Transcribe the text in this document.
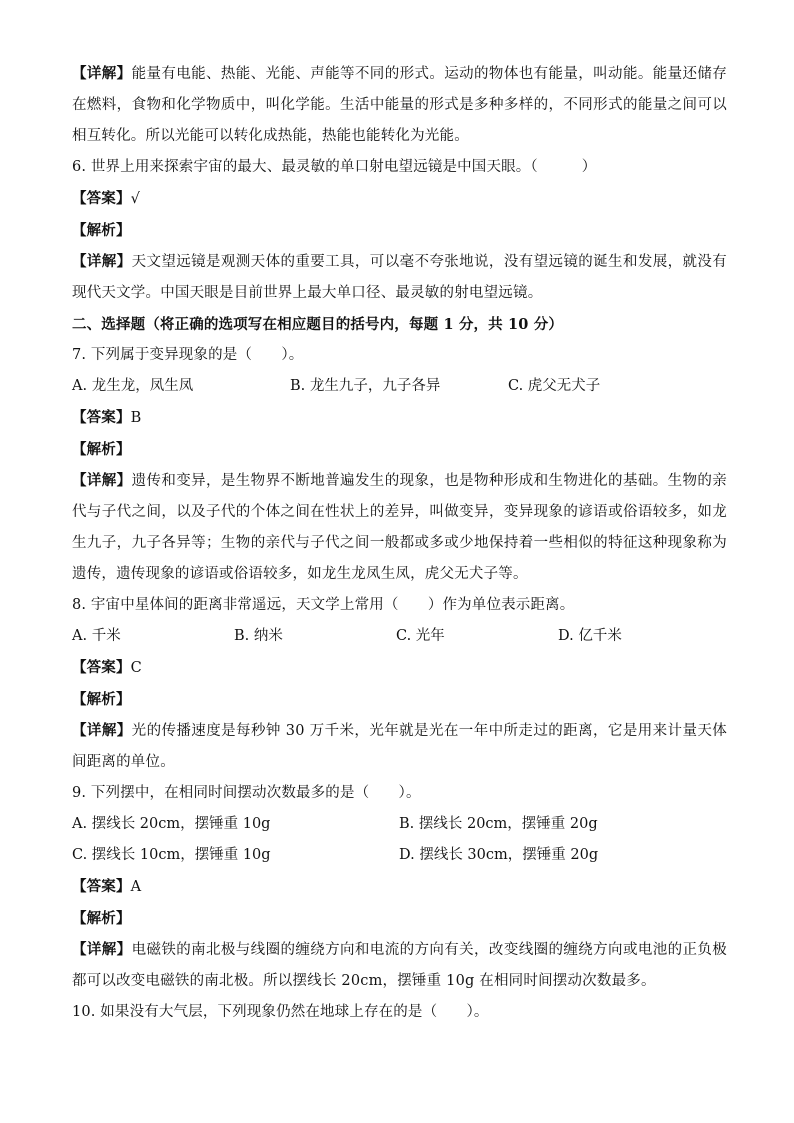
【详解】能量有电能、热能、光能、声能等不同的形式。运动的物体也有能量，叫动能。能量还储存在燃料，食物和化学物质中，叫化学能。生活中能量的形式是多种多样的，不同形式的能量之间可以相互转化。所以光能可以转化成热能，热能也能转化为光能。
6. 世界上用来探索宇宙的最大、最灵敏的单口射电望远镜是中国天眼。（　　　）
【答案】√
【解析】
【详解】天文望远镜是观测天体的重要工具，可以毫不夸张地说，没有望远镜的诞生和发展，就没有现代天文学。中国天眼是目前世界上最大单口径、最灵敏的射电望远镜。
二、选择题（将正确的选项写在相应题目的括号内，每题 1 分，共 10 分）
7. 下列属于变异现象的是（　　）。
A. 龙生龙，凤生凤	B. 龙生九子，九子各异	C. 虎父无犬子
【答案】B
【解析】
【详解】遗传和变异，是生物界不断地普遍发生的现象，也是物种形成和生物进化的基础。生物的亲代与子代之间，以及子代的个体之间在性状上的差异，叫做变异，变异现象的谚语或俗语较多，如龙生九子，九子各异等；生物的亲代与子代之间一般都或多或少地保持着一些相似的特征这种现象称为遗传，遗传现象的谚语或俗语较多，如龙生龙凤生凤，虎父无犬子等。
8. 宇宙中星体间的距离非常遥远，天文学上常用（　　）作为单位表示距离。
A. 千米	B. 纳米	C. 光年	D. 亿千米
【答案】C
【解析】
【详解】光的传播速度是每秒钟 30 万千米，光年就是光在一年中所走过的距离，它是用来计量天体间距离的单位。
9. 下列摆中，在相同时间摆动次数最多的是（　　）。
A. 摆线长 20cm，摆锤重 10g	B. 摆线长 20cm，摆锤重 20g
C. 摆线长 10cm，摆锤重 10g	D. 摆线长 30cm，摆锤重 20g
【答案】A
【解析】
【详解】电磁铁的南北极与线圈的缠绕方向和电流的方向有关，改变线圈的缠绕方向或电池的正负极都可以改变电磁铁的南北极。所以摆线长 20cm，摆锤重 10g 在相同时间摆动次数最多。
10. 如果没有大气层，下列现象仍然在地球上存在的是（　　）。
